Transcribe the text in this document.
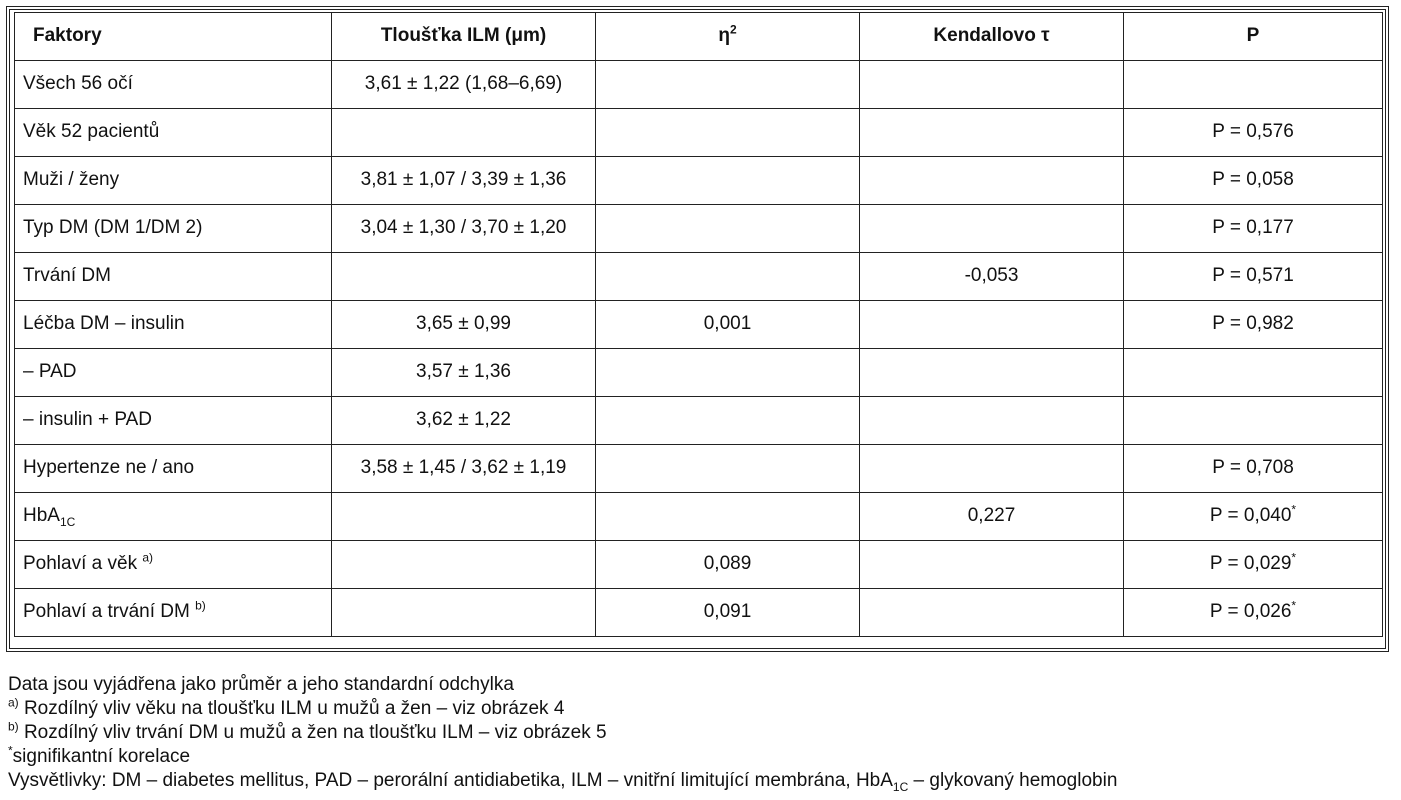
Faktory	Tloušťka ILM (μm)	$\eta^2$	Kendallovo τ	P
Všech 56 očí	3,61 ± 1,22 (1,68–6,69)			
Věk 52 pacientů				P = 0,576
Muži / ženy	3,81 ± 1,07 / 3,39 ± 1,36			P = 0,058
Typ DM (DM 1/DM 2)	3,04 ± 1,30 / 3,70 ± 1,20			P = 0,177
Trvání DM			-0,053	P = 0,571
Léčba DM – insulin	3,65 ± 0,99	0,001		P = 0,982
– PAD	3,57 ± 1,36			
– insulin + PAD	3,62 ± 1,22			
Hypertenze ne / ano	3,58 ± 1,45 / 3,62 ± 1,19			P = 0,708
HbA$_{1C}$			0,227	P = 0,040*
Pohlaví a věk $^{a)}$		0,089		P = 0,029*
Pohlaví a trvání DM $^{b)}$		0,091		P = 0,026*
Data jsou vyjádřena jako průměr a jeho standardní odchylka
$^{a)}$ Rozdílný vliv věku na tloušťku ILM u mužů a žen – viz obrázek 4
$^{b)}$ Rozdílný vliv trvání DM u mužů a žen na tloušťku ILM – viz obrázek 5
*signifikantní korelace
Vysvětlivky: DM – diabetes mellitus, PAD – perorální antidiabetika, ILM – vnitřní limitující membrána, HbA$_{1C}$ – glykovaný hemoglobin
